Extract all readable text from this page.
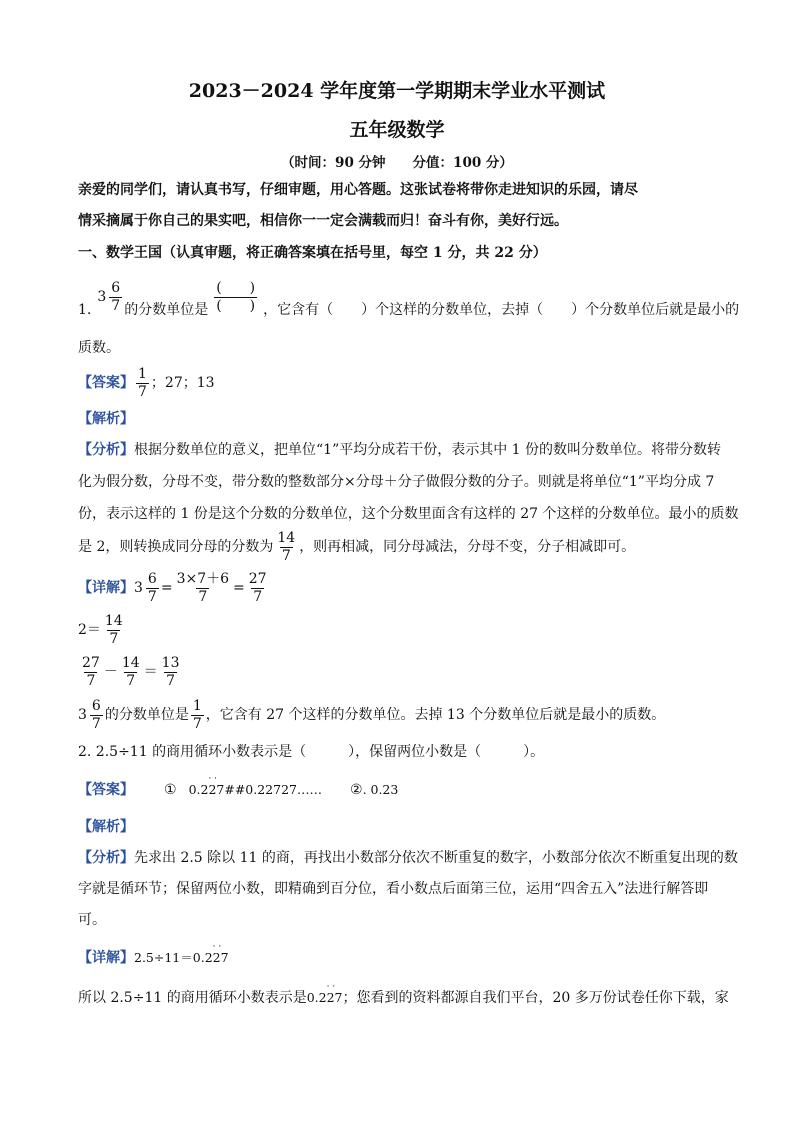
2023－2024 学年度第一学期期末学业水平测试
五年级数学
（时间：90 分钟　　分值：100 分）
亲爱的同学们，请认真书写，仔细审题，用心答题。这张试卷将带你走进知识的乐园，请尽
情采摘属于你自己的果实吧，相信你一一定会满载而归！奋斗有你，美好行远。
一、数学王国（认真审题，将正确答案填在括号里，每空 1 分，共 22 分）
1.
$3 \frac{6}{7}$ 的分数单位是 $\frac{( )}{( )}$ ，它含有（　　）个这样的分数单位，去掉（　　）个分数单位后就是最小的
质数。
【答案】 $\frac{1}{7}$ ；27；13
【解析】
【分析】根据分数单位的意义，把单位“1”平均分成若干份，表示其中 1 份的数叫分数单位。将带分数转
化为假分数，分母不变，带分数的整数部分×分母＋分子做假分数的分子。则就是将单位“1”平均分成 7
份，表示这样的 1 份是这个分数的分数单位，这个分数里面含有这样的 27 个这样的分数单位。最小的质数
是 2，则转换成同分母的分数为 $\frac{14}{7}$ ，则再相减，同分母减法，分母不变，分子相减即可。
【详解】 $3 \frac{6}{7} = \frac{3\times 7+6}{7} = \frac{27}{7}$
$2= \frac{14}{7}$
$\frac{27}{7} - \frac{14}{7} = \frac{13}{7}$
$3 \frac{6}{7}$ 的分数单位是 $\frac{1}{7}$ ，它含有 27 个这样的分数单位。去掉 13 个分数单位后就是最小的质数。
2. 2.5÷11 的商用循环小数表示是（　　　），保留两位小数是（　　　）。
【答案】 ① 0.227
· ·
##0.22727…… ② . 0.23
【解析】
【分析】先求出 2.5 除以 11 的商，再找出小数部分依次不断重复的数字，小数部分依次不断重复出现的数
字就是循环节；保留两位小数，即精确到百分位，看小数点后面第三位，运用“四舍五入”法进行解答即
可。
【详解】 2.5÷11＝ 0.227
· ·
所以 2.5÷11 的商用循环小数表示是 0.227
· ·
；您看到的资料都源自我们平台，20 多万份试卷任你下载，家
